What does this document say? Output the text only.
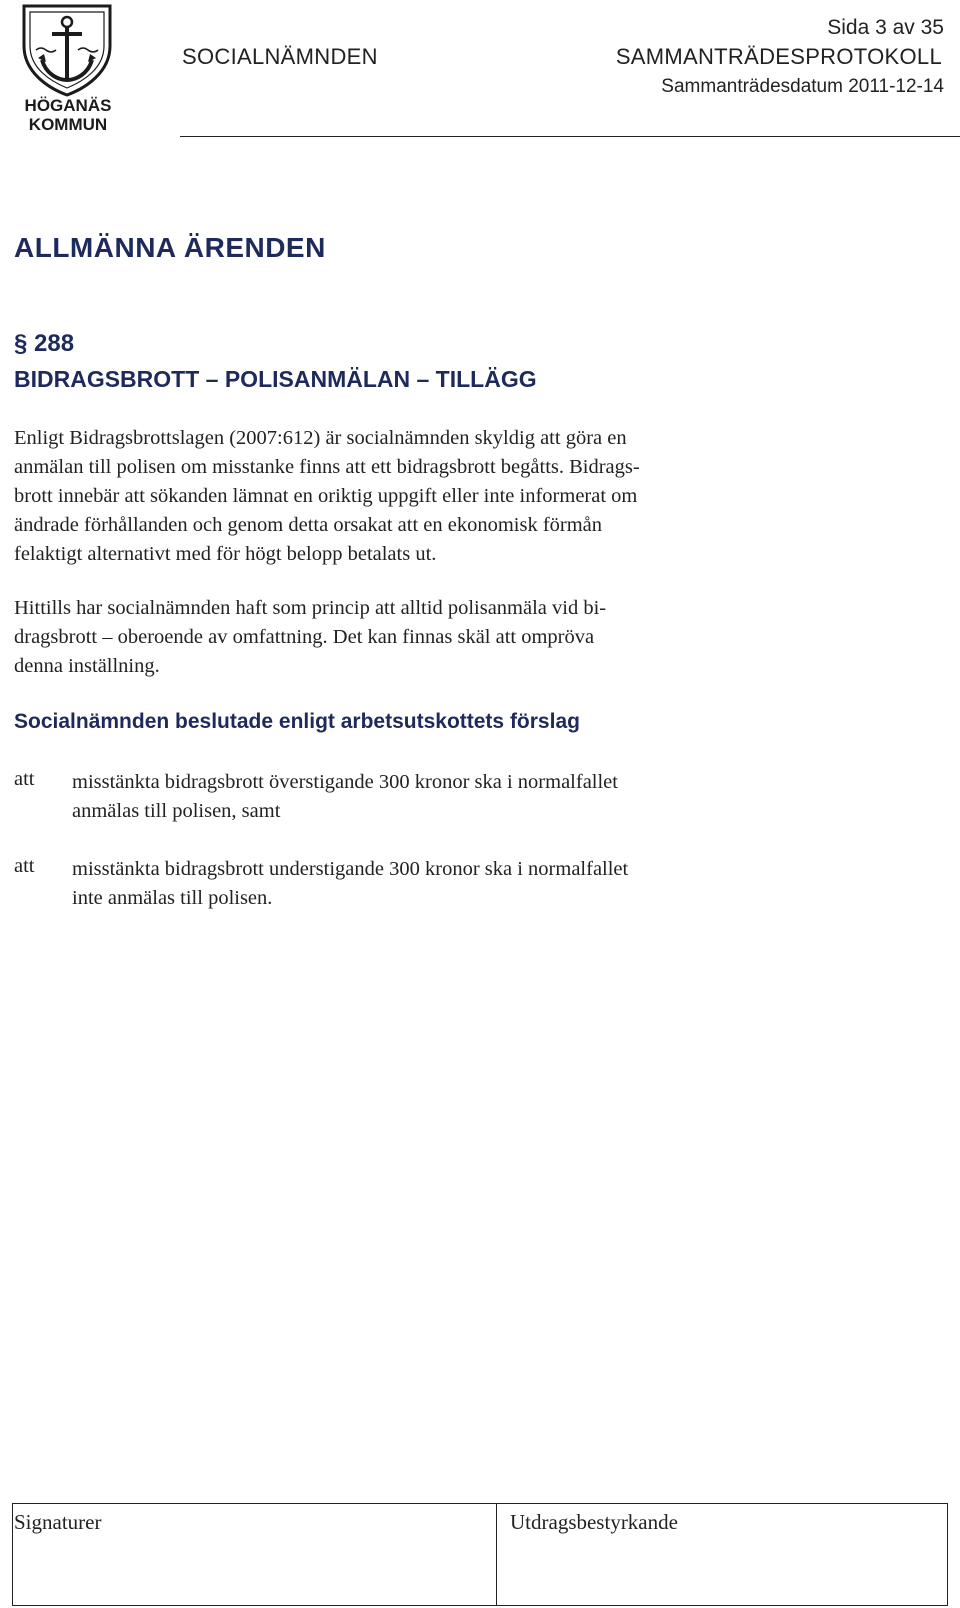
HÖGANÄS
KOMMUN
Sida 3 av 35
SOCIALNÄMNDEN	SAMMANTRÄDESPROTOKOLL
Sammanträdesdatum 2011-12-14
ALLMÄNNA ÄRENDEN
§ 288
BIDRAGSBROTT – POLISANMÄLAN – TILLÄGG

Enligt Bidragsbrottslagen (2007:612) är socialnämnden skyldig att göra en
anmälan till polisen om misstanke finns att ett bidragsbrott begåtts. Bidrags-
brott innebär att sökanden lämnat en oriktig uppgift eller inte informerat om
ändrade förhållanden och genom detta orsakat att en ekonomisk förmån
felaktigt alternativt med för högt belopp betalats ut.

Hittills har socialnämnden haft som princip att alltid polisanmäla vid bi-
dragsbrott – oberoende av omfattning. Det kan finnas skäl att ompröva
denna inställning.

Socialnämnden beslutade enligt arbetsutskottets förslag
att misstänkta bidragsbrott överstigande 300 kronor ska i normalfallet
anmälas till polisen, samt
att misstänkta bidragsbrott understigande 300 kronor ska i normalfallet
inte anmälas till polisen.
Signaturer	Utdragsbestyrkande
